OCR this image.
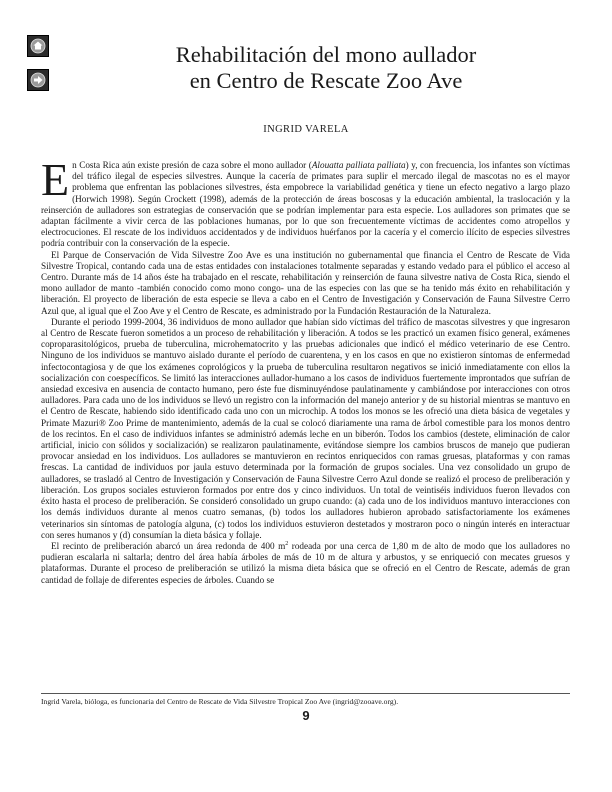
Rehabilitación del mono aullador
en Centro de Rescate Zoo Ave
INGRID VARELA

En Costa Rica aún existe presión de caza sobre el mono aullador (Alouatta palliata palliata) y, con frecuencia, los infantes son víctimas del tráfico ilegal de especies silvestres. Aunque la cacería de primates para suplir el mercado ilegal de mascotas no es el mayor problema que enfrentan las poblaciones silvestres, ésta empobrece la variabilidad genética y tiene un efecto negativo a largo plazo (Horwich 1998). Según Crockett (1998), además de la protección de áreas boscosas y la educación ambiental, la traslocación y la reinserción de aulladores son estrategias de conservación que se podrían implementar para esta especie. Los aulladores son primates que se adaptan fácilmente a vivir cerca de las poblaciones humanas, por lo que son frecuentemente víctimas de accidentes como atropellos y electrocuciones. El rescate de los individuos accidentados y de individuos huérfanos por la cacería y el comercio ilícito de especies silvestres podría contribuir con la conservación de la especie.

El Parque de Conservación de Vida Silvestre Zoo Ave es una institución no gubernamental que financia el Centro de Rescate de Vida Silvestre Tropical, contando cada una de estas entidades con instalaciones totalmente separadas y estando vedado para el público el acceso al Centro. Durante más de 14 años éste ha trabajado en el rescate, rehabilitación y reinserción de fauna silvestre nativa de Costa Rica, siendo el mono aullador de manto -también conocido como mono congo- una de las especies con las que se ha tenido más éxito en rehabilitación y liberación. El proyecto de liberación de esta especie se lleva a cabo en el Centro de Investigación y Conservación de Fauna Silvestre Cerro Azul que, al igual que el Zoo Ave y el Centro de Rescate, es administrado por la Fundación Restauración de la Naturaleza.

Durante el periodo 1999-2004, 36 individuos de mono aullador que habían sido víctimas del tráfico de mascotas silvestres y que ingresaron al Centro de Rescate fueron sometidos a un proceso de rehabilitación y liberación. A todos se les practicó un examen físico general, exámenes coproparasitológicos, prueba de tuberculina, microhematocrito y las pruebas adicionales que indicó el médico veterinario de ese Centro. Ninguno de los individuos se mantuvo aislado durante el período de cuarentena, y en los casos en que no existieron síntomas de enfermedad infectocontagiosa y de que los exámenes coprológicos y la prueba de tuberculina resultaron negativos se inició inmediatamente con ellos la socialización con coespecíficos. Se limitó las interacciones aullador-humano a los casos de individuos fuertemente improntados que sufrían de ansiedad excesiva en ausencia de contacto humano, pero éste fue disminuyéndose paulatinamente y cambiándose por interacciones con otros aulladores. Para cada uno de los individuos se llevó un registro con la información del manejo anterior y de su historial mientras se mantuvo en el Centro de Rescate, habiendo sido identificado cada uno con un microchip. A todos los monos se les ofreció una dieta básica de vegetales y Primate Mazuri® Zoo Prime de mantenimiento, además de la cual se colocó diariamente una rama de árbol comestible para los monos dentro de los recintos. En el caso de individuos infantes se administró además leche en un biberón. Todos los cambios (destete, eliminación de calor artificial, inicio con sólidos y socialización) se realizaron paulatinamente, evitándose siempre los cambios bruscos de manejo que pudieran provocar ansiedad en los individuos. Los aulladores se mantuvieron en recintos enriquecidos con ramas gruesas, plataformas y con ramas frescas. La cantidad de individuos por jaula estuvo determinada por la formación de grupos sociales. Una vez consolidado un grupo de aulladores, se trasladó al Centro de Investigación y Conservación de Fauna Silvestre Cerro Azul donde se realizó el proceso de preliberación y liberación. Los grupos sociales estuvieron formados por entre dos y cinco individuos. Un total de veintiséis individuos fueron llevados con éxito hasta el proceso de preliberación. Se consideró consolidado un grupo cuando: (a) cada uno de los individuos mantuvo interacciones con los demás individuos durante al menos cuatro semanas, (b) todos los aulladores hubieron aprobado satisfactoriamente los exámenes veterinarios sin síntomas de patología alguna, (c) todos los individuos estuvieron destetados y mostraron poco o ningún interés en interactuar con seres humanos y (d) consumían la dieta básica y follaje.

El recinto de preliberación abarcó un área redonda de 400 $m^2$ rodeada por una cerca de 1,80 m de alto de modo que los aulladores no pudieran escalarla ni saltarla; dentro del área había árboles de más de 10 m de altura y arbustos, y se enriqueció con mecates gruesos y plataformas. Durante el proceso de preliberación se utilizó la misma dieta básica que se ofreció en el Centro de Rescate, además de gran cantidad de follaje de diferentes especies de árboles. Cuando se

Ingrid Varela, bióloga, es funcionaria del Centro de Rescate de Vida Silvestre Tropical Zoo Ave (ingrid@zooave.org).
9
